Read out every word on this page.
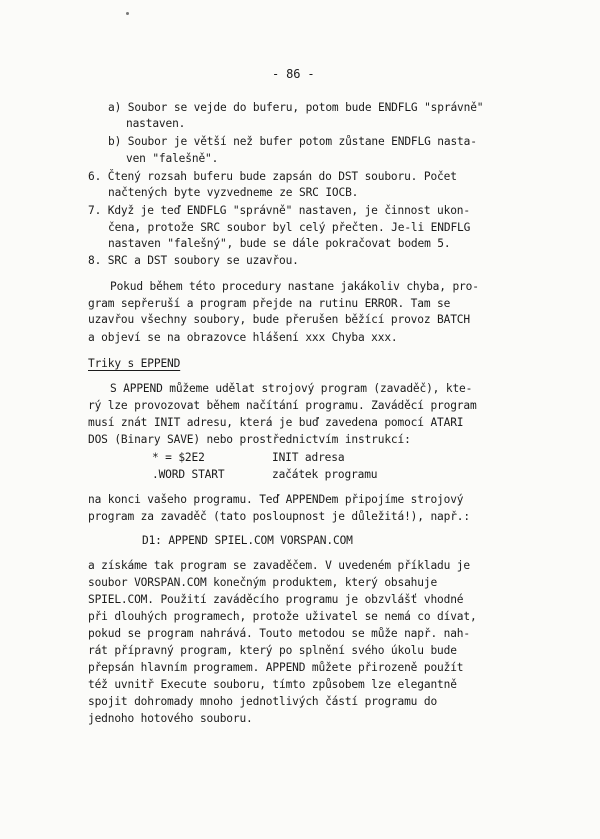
- 86 -
a) Soubor se vejde do buferu, potom bude ENDFLG "správně"
nastaven.
b) Soubor je větší než bufer potom zůstane ENDFLG nasta-
ven "falešně".
6. Čtený rozsah buferu bude zapsán do DST souboru. Počet
načtených byte vyzvedneme ze SRC IOCB.
7. Když je teď ENDFLG "správně" nastaven, je činnost ukon-
čena, protože SRC soubor byl celý přečten. Je-li ENDFLG
nastaven "falešný", bude se dále pokračovat bodem 5.
8. SRC a DST soubory se uzavřou.
Pokud během této procedury nastane jakákoliv chyba, pro-
gram sepřeruší a program přejde na rutinu ERROR. Tam se
uzavřou všechny soubory, bude přerušen běžící provoz BATCH
a objeví se na obrazovce hlášení xxx Chyba xxx.
Triky s EPPEND
S APPEND můžeme udělat strojový program (zavaděč), kte-
rý lze provozovat během načítání programu. Zaváděcí program
musí znát INIT adresu, která je buď zavedena pomocí ATARI
DOS (Binary SAVE) nebo prostřednictvím instrukcí:
* = $2E2	INIT adresa
.WORD START	začátek programu
na konci vašeho programu. Teď APPENDem připojíme strojový
program za zavaděč (tato posloupnost je důležitá!), např.:
D1: APPEND SPIEL.COM VORSPAN.COM
a získáme tak program se zavaděčem. V uvedeném příkladu je
soubor VORSPAN.COM konečným produktem, který obsahuje
SPIEL.COM. Použití zaváděcího programu je obzvlášť vhodné
při dlouhých programech, protože uživatel se nemá co dívat,
pokud se program nahrává. Touto metodou se může např. nah-
rát přípravný program, který po splnění svého úkolu bude
přepsán hlavním programem. APPEND můžete přirozeně použít
též uvnitř Execute souboru, tímto způsobem lze elegantně
spojit dohromady mnoho jednotlivých částí programu do
jednoho hotového souboru.
